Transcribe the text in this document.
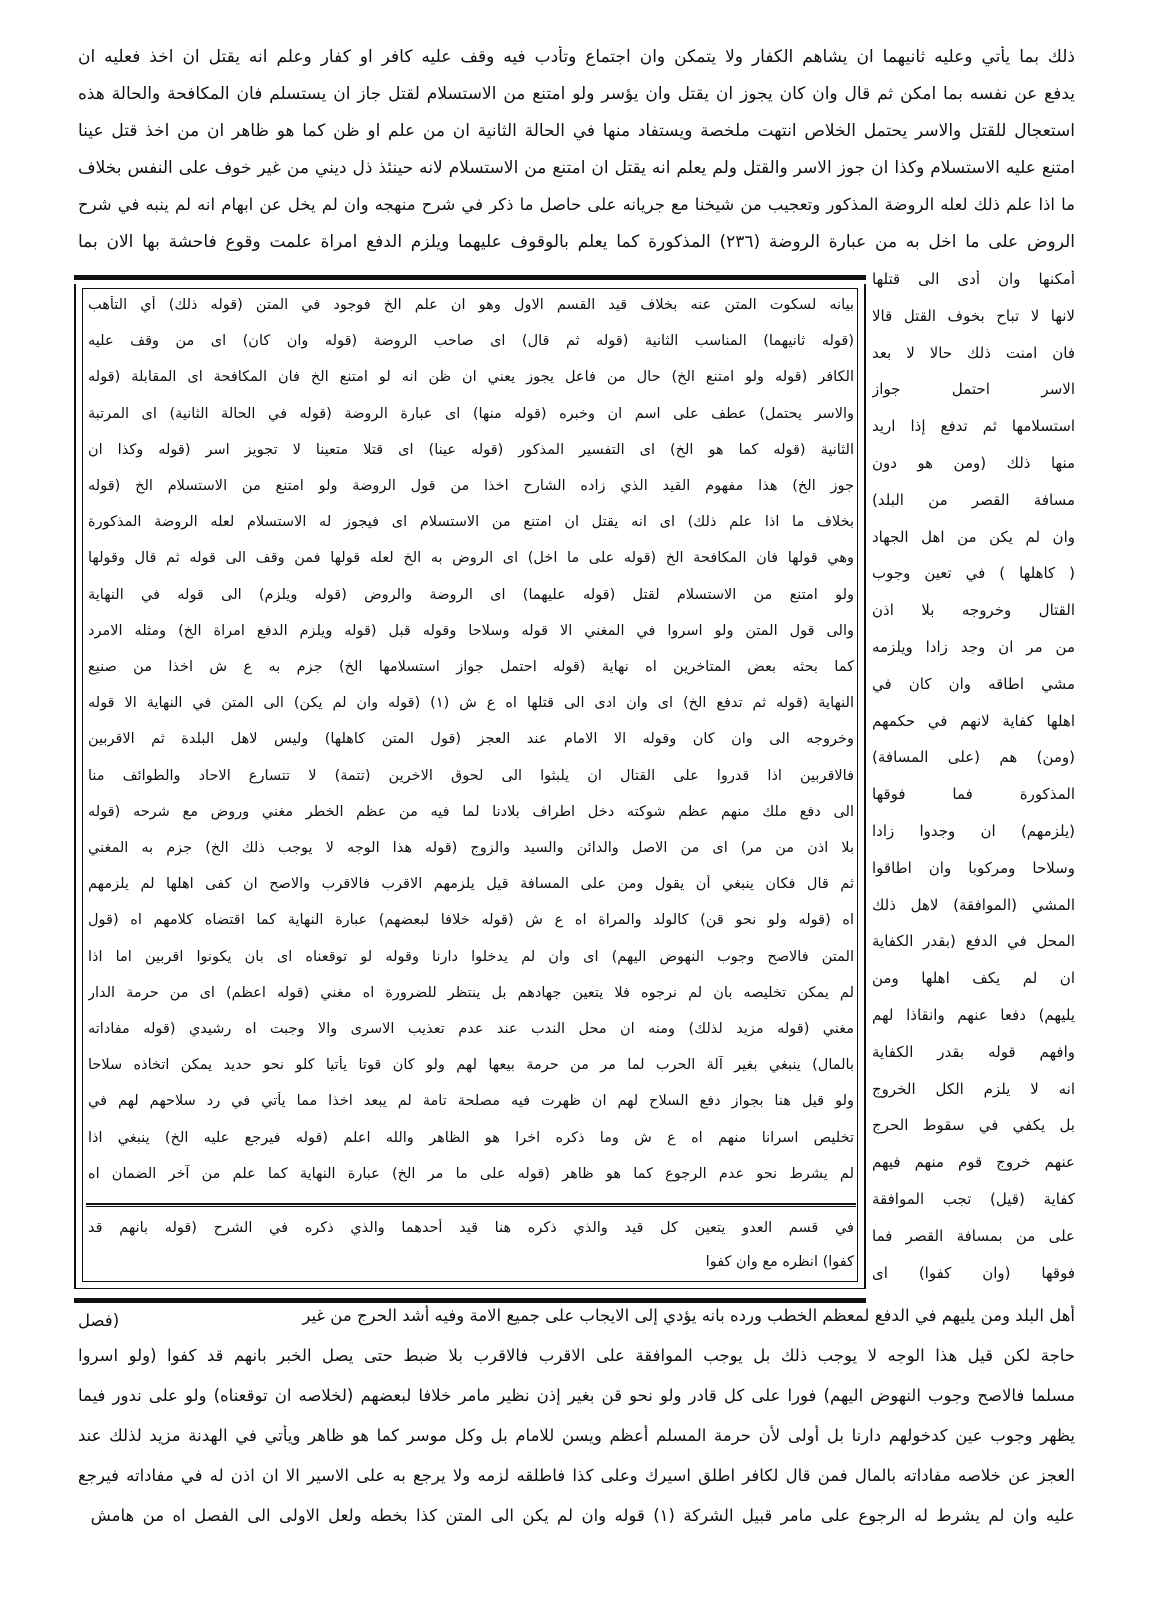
ذلك بما يأتي وعليه ثانيهما ان يشاهم الكفار ولا يتمكن وان اجتماع وتأدب فيه وقف عليه كافر او كفار وعلم انه يقتل ان اخذ فعليه ان
يدفع عن نفسه بما امكن ثم قال وان كان يجوز ان يقتل وان يؤسر ولو امتنع من الاستسلام لقتل جاز ان يستسلم فان المكافحة والحالة هذه
استعجال للقتل والاسر يحتمل الخلاص انتهت ملخصة ويستفاد منها في الحالة الثانية ان من علم او ظن كما هو ظاهر ان من اخذ قتل عينا
امتنع عليه الاستسلام وكذا ان جوز الاسر والقتل ولم يعلم انه يقتل ان امتنع من الاستسلام لانه حينئذ ذل ديني من غير خوف على النفس بخلاف
ما اذا علم ذلك لعله الروضة المذكور وتعجيب من شيخنا مع جريانه على حاصل ما ذكر في شرح منهجه وان لم يخل عن ابهام انه لم ينبه في شرح
الروض على ما اخل به من عبارة الروضة (٢٣٦) المذكورة كما يعلم بالوقوف عليهما ويلزم الدفع امراة علمت وقوع فاحشة بها الان بما
بيانه لسكوت المتن عنه بخلاف قيد القسم الاول وهو ان علم الخ فوجود في المتن (قوله ذلك) أي التأهب
(قوله ثانيهما) المناسب الثانية (قوله ثم قال) اى صاحب الروضة (قوله وان كان) اى من وقف عليه
الكافر (قوله ولو امتنع الخ) حال من فاعل يجوز يعني ان ظن انه لو امتنع الخ فان المكافحة اى المقابلة (قوله
والاسر يحتمل) عطف على اسم ان وخبره (قوله منها) اى عبارة الروضة (قوله في الحالة الثانية) اى المرتبة
الثانية (قوله كما هو الخ) اى التفسير المذكور (قوله عينا) اى قتلا متعينا لا تجويز اسر (قوله وكذا ان
جوز الخ) هذا مفهوم القيد الذي زاده الشارح اخذا من قول الروضة ولو امتنع من الاستسلام الخ (قوله
بخلاف ما اذا علم ذلك) اى انه يقتل ان امتنع من الاستسلام اى فيجوز له الاستسلام لعله الروضة المذكورة
وهي قولها فان المكافحة الخ (قوله على ما اخل) اى الروض به الخ لعله قولها فمن وقف الى قوله ثم قال وقولها
ولو امتنع من الاستسلام لقتل (قوله عليهما) اى الروضة والروض (قوله ويلزم) الى قوله في النهاية
والى قول المتن ولو اسروا في المغني الا قوله وسلاحا وقوله قبل (قوله ويلزم الدفع امراة الخ) ومثله الامرد
كما بحثه بعض المتاخرين اه نهاية (قوله احتمل جواز استسلامها الخ) جزم به ع ش اخذا من صنيع
النهاية (قوله ثم تدفع الخ) اى وان ادى الى قتلها اه ع ش (١) (قوله وان لم يكن) الى المتن في النهاية الا قوله
وخروجه الى وان كان وقوله الا الامام عند العجز (قول المتن كاهلها) وليس لاهل البلدة ثم الاقربين
فالاقربين اذا قدروا على القتال ان يلبثوا الى لحوق الاخرين (تتمة) لا تتسارع الاحاد والطوائف منا
الى دفع ملك منهم عظم شوكته دخل اطراف بلادنا لما فيه من عظم الخطر مغني وروض مع شرحه (قوله
بلا اذن من مر) اى من الاصل والدائن والسيد والزوج (قوله هذا الوجه لا يوجب ذلك الخ) جزم به المغني
ثم قال فكان ينبغي أن يقول ومن على المسافة قيل يلزمهم الاقرب فالاقرب والاصح ان كفى اهلها لم يلزمهم
اه (قوله ولو نحو قن) كالولد والمراة اه ع ش (قوله خلافا لبعضهم) عبارة النهاية كما اقتضاه كلامهم اه (قول
المتن فالاصح وجوب النهوض اليهم) اى وان لم يدخلوا دارنا وقوله لو توقعناه اى بان يكونوا اقربين اما اذا
لم يمكن تخليصه بان لم نرجوه فلا يتعين جهادهم بل ينتظر للضرورة اه مغني (قوله اعظم) اى من حرمة الدار
مغني (قوله مزيد لذلك) ومنه ان محل الندب عند عدم تعذيب الاسرى والا وجبت اه رشيدي (قوله مفاداته
بالمال) ينبغي بغير آلة الحرب لما مر من حرمة بيعها لهم ولو كان قوتا يأتيا كلو نحو حديد يمكن اتخاذه سلاحا
ولو قيل هنا بجواز دفع السلاح لهم ان ظهرت فيه مصلحة تامة لم يبعد اخذا مما يأتي في رد سلاحهم لهم في
تخليص اسرانا منهم اه ع ش وما ذكره اخرا هو الظاهر والله اعلم (قوله فيرجع عليه الخ) ينبغي اذا
لم يشرط نحو عدم الرجوع كما هو ظاهر (قوله على ما مر الخ) عبارة النهاية كما علم من آخر الضمان اه
في قسم العدو يتعين كل قيد والذي ذكره هنا قيد أحدهما والذي ذكره في الشرح (قوله بانهم قد
كفوا) انظره مع وان كفوا
أمكنها وان أدى الى قتلها
لانها لا تباح بخوف القتل قالا
فان امنت ذلك حالا لا بعد
الاسر احتمل جواز
استسلامها ثم تدفع إذا اريد
منها ذلك (ومن هو دون
مسافة القصر من البلد)
وان لم يكن من اهل الجهاد
( كاهلها ) في تعين وجوب
القتال وخروجه بلا اذن
من مر ان وجد زادا ويلزمه
مشي اطاقه وان كان في
اهلها كفاية لانهم في حكمهم
(ومن) هم (على المسافة)
المذكورة فما فوقها
(يلزمهم) ان وجدوا زادا
وسلاحا ومركوبا وان اطاقوا
المشي (الموافقة) لاهل ذلك
المحل في الدفع (بقدر الكفاية
ان لم يكف اهلها ومن
يليهم) دفعا عنهم وانقاذا لهم
وافهم قوله بقدر الكفاية
انه لا يلزم الكل الخروج
بل يكفي في سقوط الحرج
عنهم خروج قوم منهم فيهم
كفاية (قيل) تجب الموافقة
على من بمسافة القصر فما
فوقها (وان كفوا) اى
(فصل	أهل البلد ومن يليهم في الدفع لمعظم الخطب ورده بانه يؤدي إلى الايجاب على جميع الامة وفيه أشد الحرج من غير
حاجة لكن قيل هذا الوجه لا يوجب ذلك بل يوجب الموافقة على الاقرب فالاقرب بلا ضبط حتى يصل الخبر بانهم قد كفوا (ولو اسروا
مسلما فالاصح وجوب النهوض اليهم) فورا على كل قادر ولو نحو قن بغير إذن نظير مامر خلافا لبعضهم (لخلاصه ان توقعناه) ولو على ندور فيما
يظهر وجوب عين كدخولهم دارنا بل أولى لأن حرمة المسلم أعظم ويسن للامام بل وكل موسر كما هو ظاهر ويأتي في الهدنة مزيد لذلك عند
العجز عن خلاصه مفاداته بالمال فمن قال لكافر اطلق اسيرك وعلى كذا فاطلقه لزمه ولا يرجع به على الاسير الا ان اذن له في مفاداته فيرجع
عليه وان لم يشرط له الرجوع على مامر قبيل الشركة (١) قوله وان لم يكن الى المتن كذا بخطه ولعل الاولى الى الفصل اه من هامش
